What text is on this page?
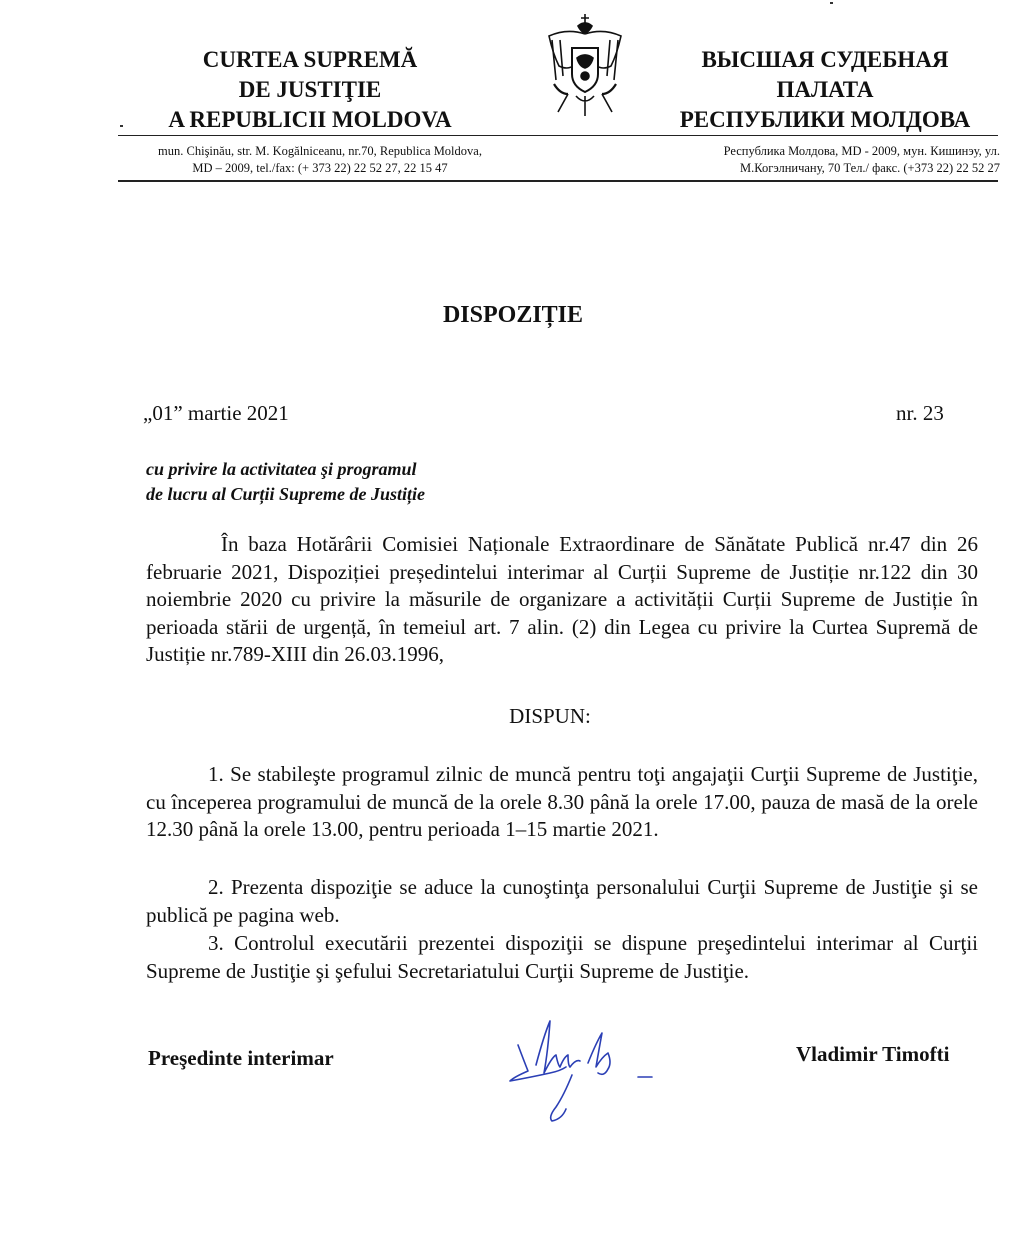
CURTEA SUPREMĂ
DE JUSTIŢIE
A REPUBLICII MOLDOVA
ВЫСШАЯ СУДЕБНАЯ
ПАЛАТА
РЕСПУБЛИКИ МОЛДОВА
mun. Chişinău, str. M. Kogălniceanu, nr.70, Republica Moldova,
MD – 2009, tel./fax: (+ 373 22) 22 52 27, 22 15 47
Республика Молдова, MD - 2009, мун. Кишинэу, ул.
М.Когэлничану, 70 Тел./ факс. (+373 22) 22 52 27
DISPOZIȚIE
„01” martie 2021	nr. 23
cu privire la activitatea şi programul
de lucru al Curții Supreme de Justiție

În baza Hotărârii Comisiei Naționale Extraordinare de Sănătate Publică nr.47 din 26 februarie 2021, Dispoziției președintelui interimar al Curții Supreme de Justiție nr.122 din 30 noiembrie 2020 cu privire la măsurile de organizare a activității Curții Supreme de Justiție în perioada stării de urgență, în temeiul art. 7 alin. (2) din Legea cu privire la Curtea Supremă de Justiție nr.789-XIII din 26.03.1996,

DISPUN:

1. Se stabileşte programul zilnic de muncă pentru toţi angajaţii Curţii Supreme de Justiţie, cu începerea programului de muncă de la orele 8.30 până la orele 17.00, pauza de masă de la orele 12.30 până la orele 13.00, pentru perioada 1–15 martie 2021.

2. Prezenta dispoziţie se aduce la cunoştinţa personalului Curţii Supreme de Justiţie şi se publică pe pagina web.

3. Controlul executării prezentei dispoziţii se dispune preşedintelui interimar al Curţii Supreme de Justiţie şi şefului Secretariatului Curţii Supreme de Justiţie.

Preşedinte interimar	Vladimir Timofti
